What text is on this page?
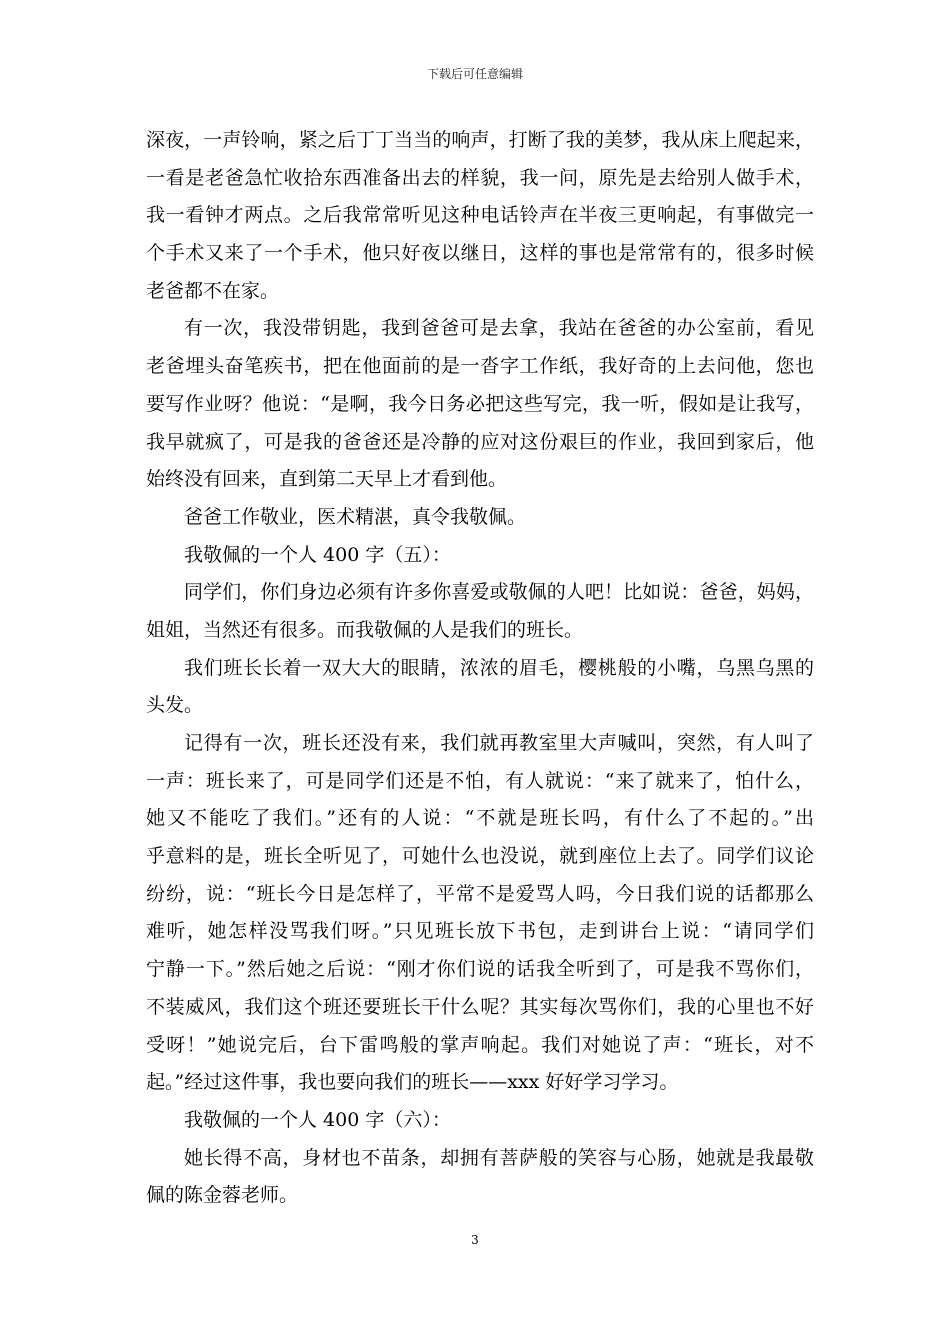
下载后可任意编辑
深夜，一声铃响，紧之后丁丁当当的响声，打断了我的美梦，我从床上爬起来，
一看是老爸急忙收拾东西准备出去的样貌，我一问，原先是去给别人做手术，
我一看钟才两点。之后我常常听见这种电话铃声在半夜三更响起，有事做完一
个手术又来了一个手术，他只好夜以继日，这样的事也是常常有的，很多时候
老爸都不在家。
有一次，我没带钥匙，我到爸爸可是去拿，我站在爸爸的办公室前，看见
老爸埋头奋笔疾书，把在他面前的是一沓字工作纸，我好奇的上去问他，您也
要写作业呀？他说：“是啊，我今日务必把这些写完，我一听，假如是让我写，
我早就疯了，可是我的爸爸还是冷静的应对这份艰巨的作业，我回到家后，他
始终没有回来，直到第二天早上才看到他。
爸爸工作敬业，医术精湛，真令我敬佩。
我敬佩的一个人 400 字（五）：
同学们，你们身边必须有许多你喜爱或敬佩的人吧！比如说：爸爸，妈妈，
姐姐，当然还有很多。而我敬佩的人是我们的班长。
我们班长长着一双大大的眼睛，浓浓的眉毛，樱桃般的小嘴，乌黑乌黑的
头发。
记得有一次，班长还没有来，我们就再教室里大声喊叫，突然，有人叫了
一声：班长来了，可是同学们还是不怕，有人就说：“来了就来了，怕什么，
她又不能吃了我们。”还有的人说：“不就是班长吗，有什么了不起的。”出
乎意料的是，班长全听见了，可她什么也没说，就到座位上去了。同学们议论
纷纷，说：“班长今日是怎样了，平常不是爱骂人吗，今日我们说的话都那么
难听，她怎样没骂我们呀。”只见班长放下书包，走到讲台上说：“请同学们
宁静一下。”然后她之后说：“刚才你们说的话我全听到了，可是我不骂你们，
不装威风，我们这个班还要班长干什么呢？其实每次骂你们，我的心里也不好
受呀！”她说完后，台下雷鸣般的掌声响起。我们对她说了声：“班长，对不
起。”经过这件事，我也要向我们的班长——xxx 好好学习学习。
我敬佩的一个人 400 字（六）：
她长得不高，身材也不苗条，却拥有菩萨般的笑容与心肠，她就是我最敬
佩的陈金蓉老师。
3
